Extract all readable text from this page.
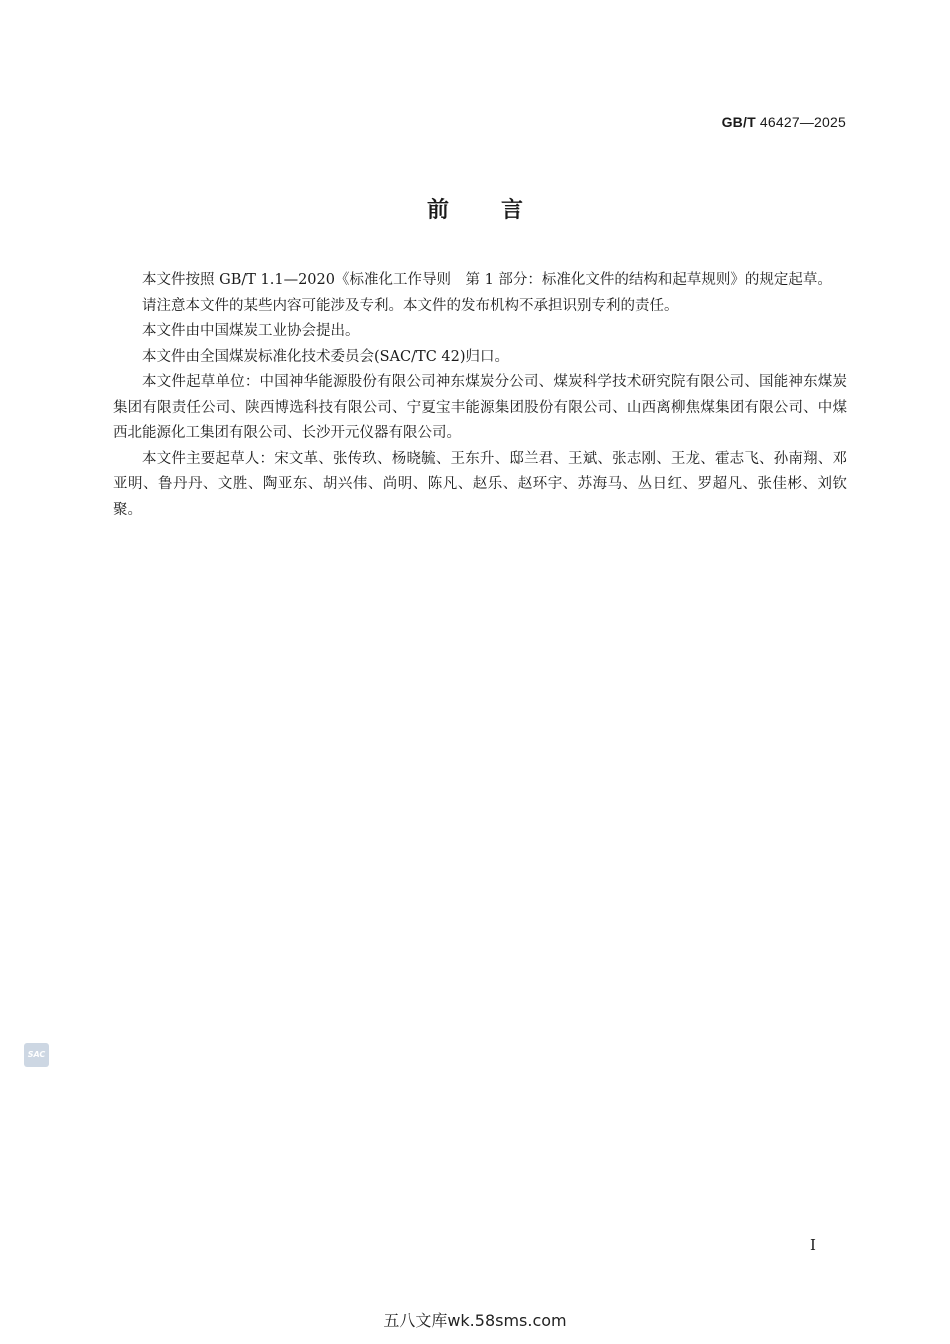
GB/T 46427—2025
前言

本文件按照 GB/T 1.1—2020《标准化工作导则　第 1 部分：标准化文件的结构和起草规则》的规定起草。

请注意本文件的某些内容可能涉及专利。本文件的发布机构不承担识别专利的责任。

本文件由中国煤炭工业协会提出。

本文件由全国煤炭标准化技术委员会(SAC/TC 42)归口。

本文件起草单位：中国神华能源股份有限公司神东煤炭分公司、煤炭科学技术研究院有限公司、国能神东煤炭集团有限责任公司、陕西博选科技有限公司、宁夏宝丰能源集团股份有限公司、山西离柳焦煤集团有限公司、中煤西北能源化工集团有限公司、长沙开元仪器有限公司。

本文件主要起草人：宋文革、张传玖、杨晓毓、王东升、邸兰君、王斌、张志刚、王龙、霍志飞、孙南翔、邓亚明、鲁丹丹、文胜、陶亚东、胡兴伟、尚明、陈凡、赵乐、赵环宇、苏海马、丛日红、罗超凡、张佳彬、刘钦聚。

SAC
I
五八文库wk.58sms.com
